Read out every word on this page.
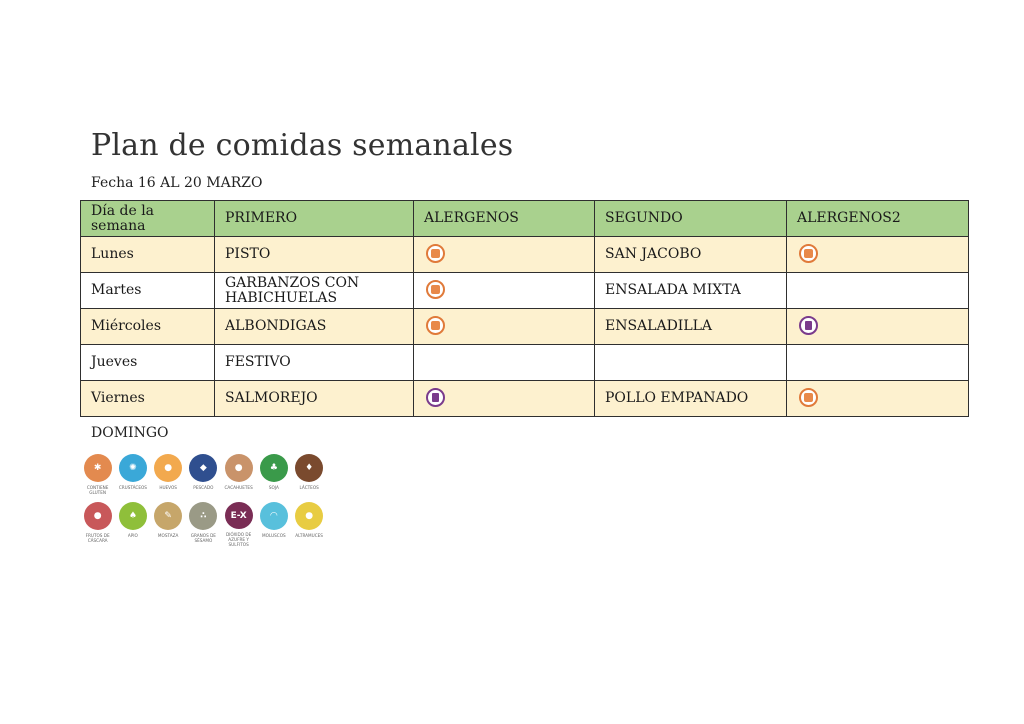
Plan de comidas semanales
Fecha 16 AL 20 MARZO
Día de la semana	PRIMERO	ALERGENOS	SEGUNDO	ALERGENOS2
Lunes	PISTO		SAN JACOBO	
Martes	GARBANZOS CON HABICHUELAS		ENSALADA MIXTA	
Miércoles	ALBONDIGAS		ENSALADILLA	
Jueves	FESTIVO			
Viernes	SALMOREJO		POLLO EMPANADO	
DOMINGO
✱
CONTIENE GLUTEN
✺
CRUSTÁCEOS
●
HUEVOS
◆
PESCADO
●
CACAHUETES
♣
SOJA
♦
LÁCTEOS
●
FRUTOS DE CÁSCARA
♠
APIO
✎
MOSTAZA
∴
GRANOS DE SÉSAMO
E-X
DIÓXIDO DE AZUFRE Y SULFITOS
◠
MOLUSCOS
●
ALTRAMUCES
